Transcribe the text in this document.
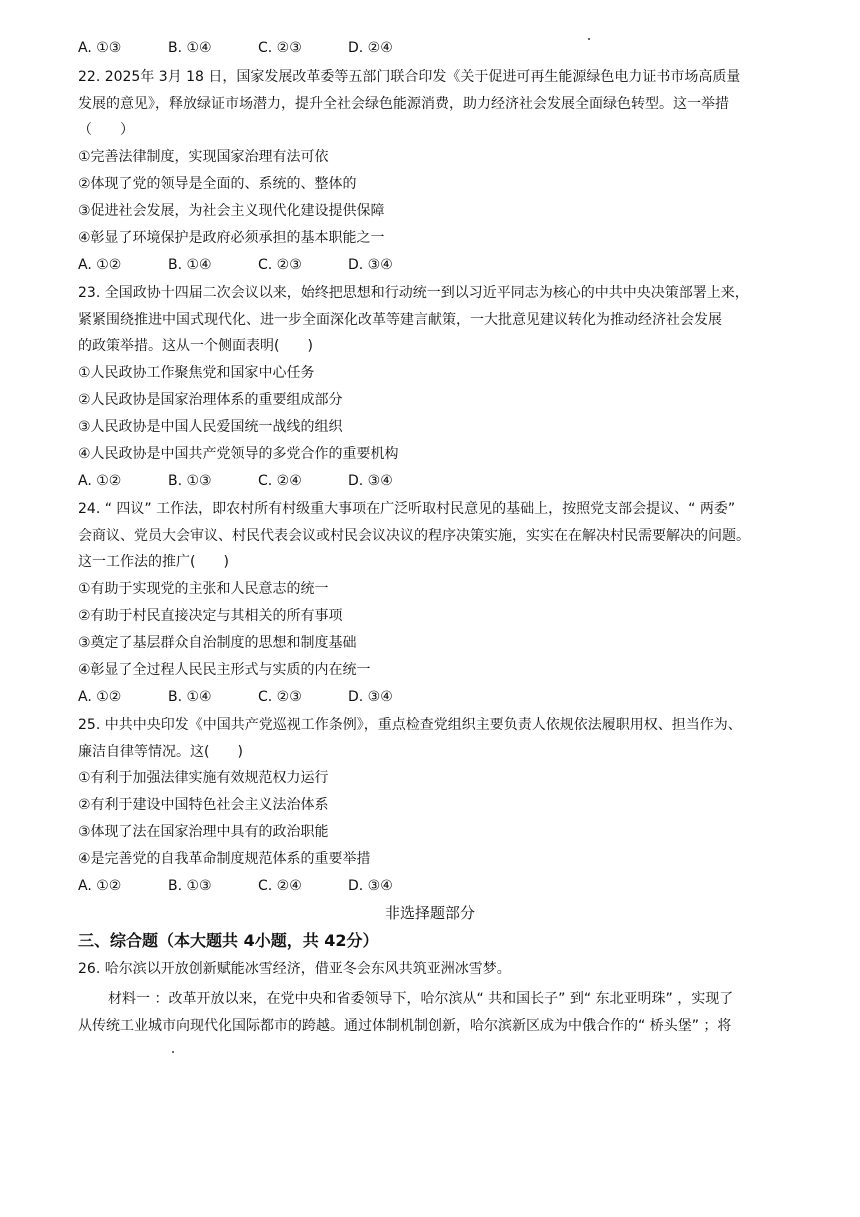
A. ①③	B. ①④	C. ②③	D. ②④
22. 2025年 3月 18 日，国家发展改革委等五部门联合印发《关于促进可再生能源绿色电力证书市场高质量
发展的意见》，释放绿证市场潜力，提升全社会绿色能源消费，助力经济社会发展全面绿色转型。这一举措
（　　）
①完善法律制度，实现国家治理有法可依
②体现了党的领导是全面的、系统的、整体的
③促进社会发展，为社会主义现代化建设提供保障
④彰显了环境保护是政府必须承担的基本职能之一
A. ①②	B. ①④	C. ②③	D. ③④
23. 全国政协十四届二次会议以来，始终把思想和行动统一到以习近平同志为核心的中共中央决策部署上来，
紧紧围绕推进中国式现代化、进一步全面深化改革等建言献策，一大批意见建议转化为推动经济社会发展
的政策举措。这从一个侧面表明(　　)
①人民政协工作聚焦党和国家中心任务
②人民政协是国家治理体系的重要组成部分
③人民政协是中国人民爱国统一战线的组织
④人民政协是中国共产党领导的多党合作的重要机构
A. ①②	B. ①③	C. ②④	D. ③④
24. “ 四议” 工作法，即农村所有村级重大事项在广泛听取村民意见的基础上，按照党支部会提议、“ 两委”
会商议、党员大会审议、村民代表会议或村民会议决议的程序决策实施，实实在在解决村民需要解决的问题。
这一工作法的推广(　　)
①有助于实现党的主张和人民意志的统一
②有助于村民直接决定与其相关的所有事项
③奠定了基层群众自治制度的思想和制度基础
④彰显了全过程人民民主形式与实质的内在统一
A. ①②	B. ①④	C. ②③	D. ③④
25. 中共中央印发《中国共产党巡视工作条例》，重点检查党组织主要负责人依规依法履职用权、担当作为、
廉洁自律等情况。这(　　)
①有利于加强法律实施有效规范权力运行
②有利于建设中国特色社会主义法治体系
③体现了法在国家治理中具有的政治职能
④是完善党的自我革命制度规范体系的重要举措
A. ①②	B. ①③	C. ②④	D. ③④
非选择题部分
三、综合题（本大题共 4小题，共 42分）
26. 哈尔滨以开放创新赋能冰雪经济，借亚冬会东风共筑亚洲冰雪梦。
材料一 ：改革开放以来，在党中央和省委领导下，哈尔滨从“ 共和国长子” 到“ 东北亚明珠” ，实现了
从传统工业城市向现代化国际都市的跨越。通过体制机制创新，哈尔滨新区成为中俄合作的“ 桥头堡” ；将
